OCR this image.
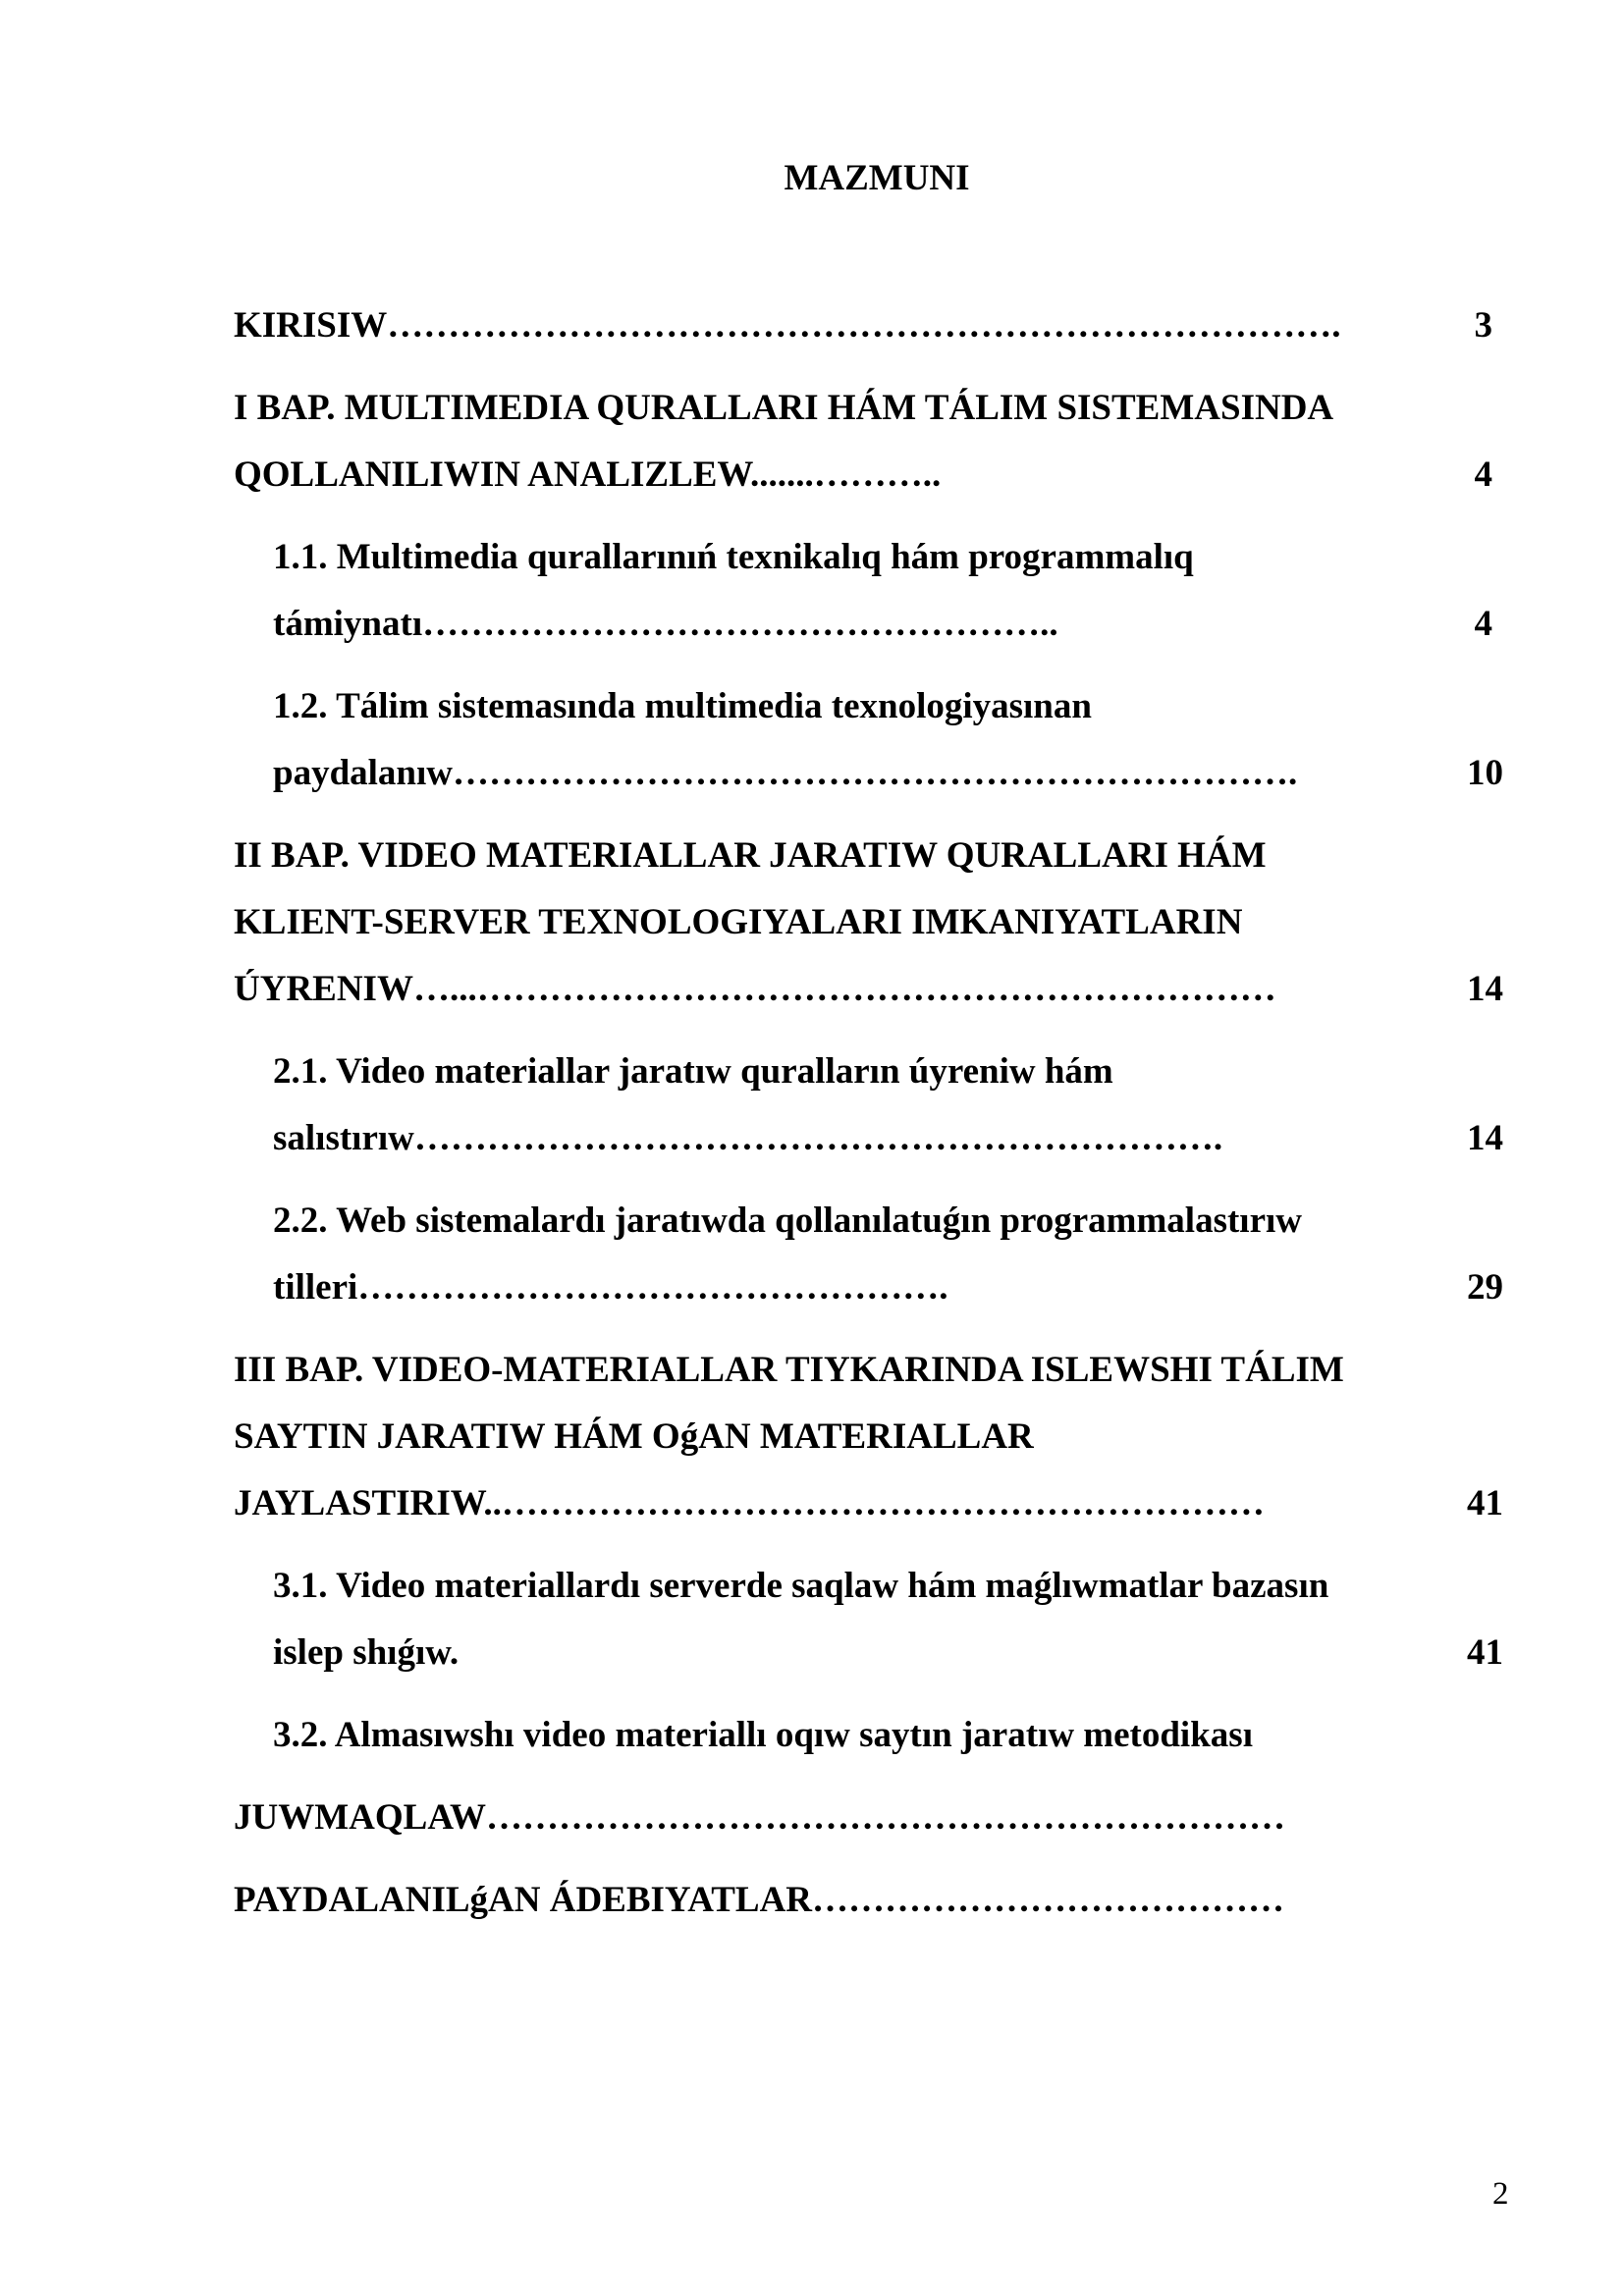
MAZMUNI
KIRISIW…………………………………………………………………….	3
I BAP. MULTIMEDIA QURALLARI HÁM TÁLIM SISTEMASINDA
QOLLANILIWIN ANALIZLEW.......………..	4
1.1. Multimedia qurallarınıń texnikalıq hám programmalıq
támiynatı……………………………………………..	4
1.2. Tálim sistemasında multimedia texnologiyasınan
paydalanıw…………………………………………………………….	10
II BAP. VIDEO MATERIALLAR JARATIW QURALLARI HÁM
KLIENT-SERVER TEXNOLOGIYALARI IMKANIYATLARIN
ÚYRENIW…...…………………………………………………………	14
2.1. Video materiallar jaratıw quralların úyreniw hám
salıstırıw………………………………………………………….	14
2.2. Web sistemalardı jaratıwda qollanılatuǵın programmalastırıw
tilleri………………………………………….	29
III BAP. VIDEO-MATERIALLAR TIYKARINDA ISLEWSHI TÁLIM
SAYTIN JARATIW HÁM OǵAN MATERIALLAR
JAYLASTIRIW..………………………………………………………	41
3.1. Video materiallardı serverde saqlaw hám maǵlıwmatlar bazasın
islep shıǵıw.	41
3.2. Almasıwshı video materiallı oqıw saytın jaratıw metodikası
JUWMAQLAW…………………………………………………………
PAYDALANILǵAN ÁDEBIYATLAR…………………………………
2
